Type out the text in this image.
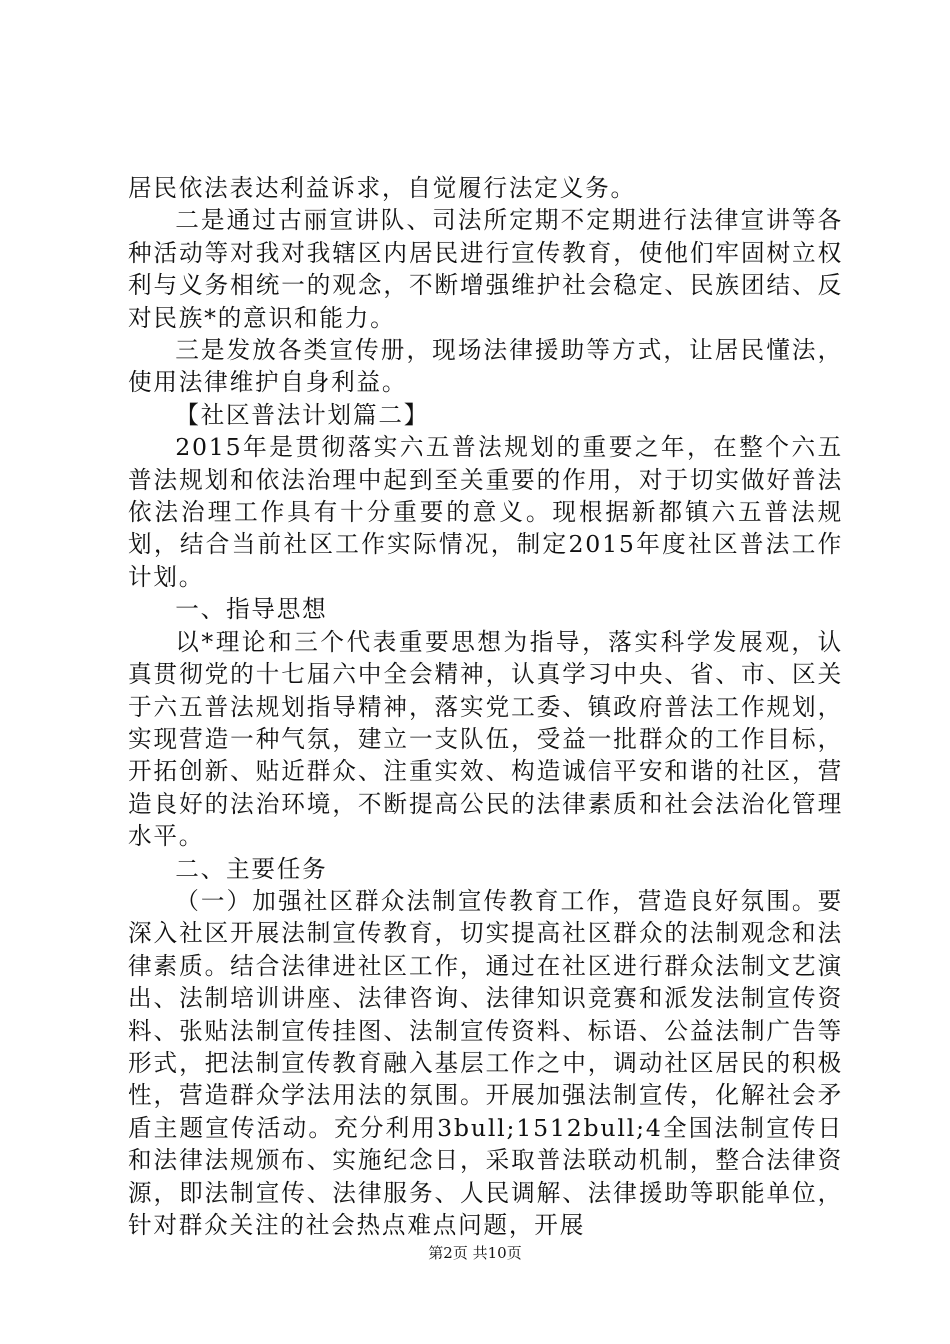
居民依法表达利益诉求，自觉履行法定义务。

二是通过古丽宣讲队、司法所定期不定期进行法律宣讲等各种活动等对我对我辖区内居民进行宣传教育，使他们牢固树立权利与义务相统一的观念，不断增强维护社会稳定、民族团结、反对民族*的意识和能力。

三是发放各类宣传册，现场法律援助等方式，让居民懂法，使用法律维护自身利益。

【社区普法计划篇二】

2015年是贯彻落实六五普法规划的重要之年，在整个六五普法规划和依法治理中起到至关重要的作用，对于切实做好普法依法治理工作具有十分重要的意义。现根据新都镇六五普法规划，结合当前社区工作实际情况，制定2015年度社区普法工作计划。

一、指导思想

以*理论和三个代表重要思想为指导，落实科学发展观，认真贯彻党的十七届六中全会精神，认真学习中央、省、市、区关于六五普法规划指导精神，落实党工委、镇政府普法工作规划，实现营造一种气氛，建立一支队伍，受益一批群众的工作目标，开拓创新、贴近群众、注重实效、构造诚信平安和谐的社区，营造良好的法治环境，不断提高公民的法律素质和社会法治化管理水平。

二、主要任务

（一）加强社区群众法制宣传教育工作，营造良好氛围。要深入社区开展法制宣传教育，切实提高社区群众的法制观念和法律素质。结合法律进社区工作，通过在社区进行群众法制文艺演出、法制培训讲座、法律咨询、法律知识竞赛和派发法制宣传资料、张贴法制宣传挂图、法制宣传资料、标语、公益法制广告等形式，把法制宣传教育融入基层工作之中，调动社区居民的积极性，营造群众学法用法的氛围。开展加强法制宣传，化解社会矛盾主题宣传活动。充分利用3bull;1512bull;4全国法制宣传日和法律法规颁布、实施纪念日，采取普法联动机制，整合法律资源，即法制宣传、法律服务、人民调解、法律援助等职能单位，针对群众关注的社会热点难点问题，开展

第2页 共10页
